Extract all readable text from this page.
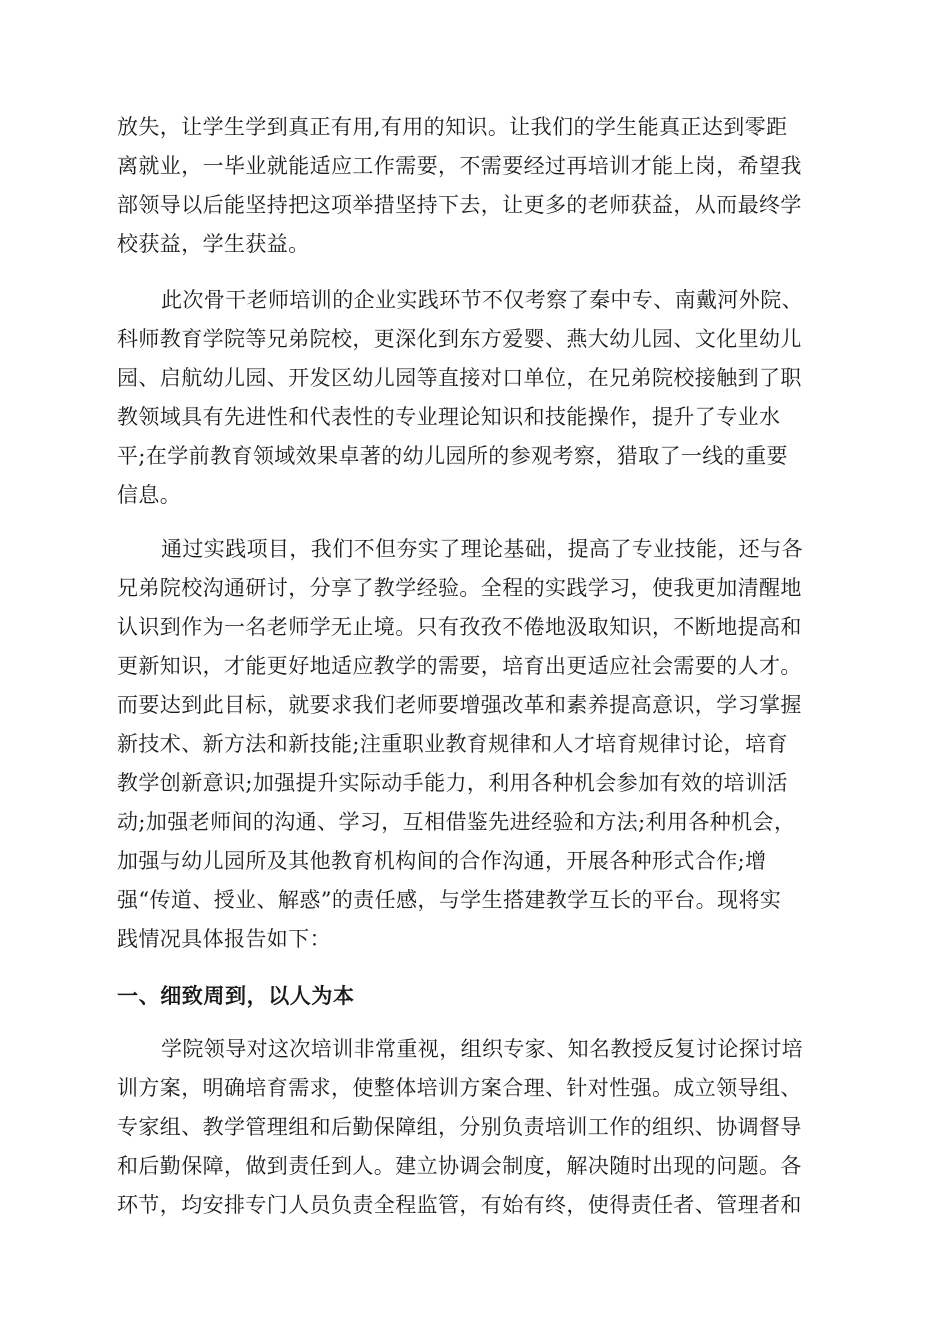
放失，让学生学到真正有用,有用的知识。让我们的学生能真正达到零距
离就业，一毕业就能适应工作需要，不需要经过再培训才能上岗，希望我
部领导以后能坚持把这项举措坚持下去，让更多的老师获益，从而最终学
校获益，学生获益。
此次骨干老师培训的企业实践环节不仅考察了秦中专、南戴河外院、
科师教育学院等兄弟院校，更深化到东方爱婴、燕大幼儿园、文化里幼儿
园、启航幼儿园、开发区幼儿园等直接对口单位，在兄弟院校接触到了职
教领域具有先进性和代表性的专业理论知识和技能操作，提升了专业水
平;在学前教育领域效果卓著的幼儿园所的参观考察，猎取了一线的重要
信息。
通过实践项目，我们不但夯实了理论基础，提高了专业技能，还与各
兄弟院校沟通研讨，分享了教学经验。全程的实践学习，使我更加清醒地
认识到作为一名老师学无止境。只有孜孜不倦地汲取知识，不断地提高和
更新知识，才能更好地适应教学的需要，培育出更适应社会需要的人才。
而要达到此目标，就要求我们老师要增强改革和素养提高意识，学习掌握
新技术、新方法和新技能;注重职业教育规律和人才培育规律讨论，培育
教学创新意识;加强提升实际动手能力，利用各种机会参加有效的培训活
动;加强老师间的沟通、学习，互相借鉴先进经验和方法;利用各种机会，
加强与幼儿园所及其他教育机构间的合作沟通，开展各种形式合作;增
强“传道、授业、解惑”的责任感，与学生搭建教学互长的平台。现将实
践情况具体报告如下：
一、细致周到，以人为本
学院领导对这次培训非常重视，组织专家、知名教授反复讨论探讨培
训方案，明确培育需求，使整体培训方案合理、针对性强。成立领导组、
专家组、教学管理组和后勤保障组，分别负责培训工作的组织、协调督导
和后勤保障，做到责任到人。建立协调会制度，解决随时出现的问题。各
环节，均安排专门人员负责全程监管，有始有终，使得责任者、管理者和
